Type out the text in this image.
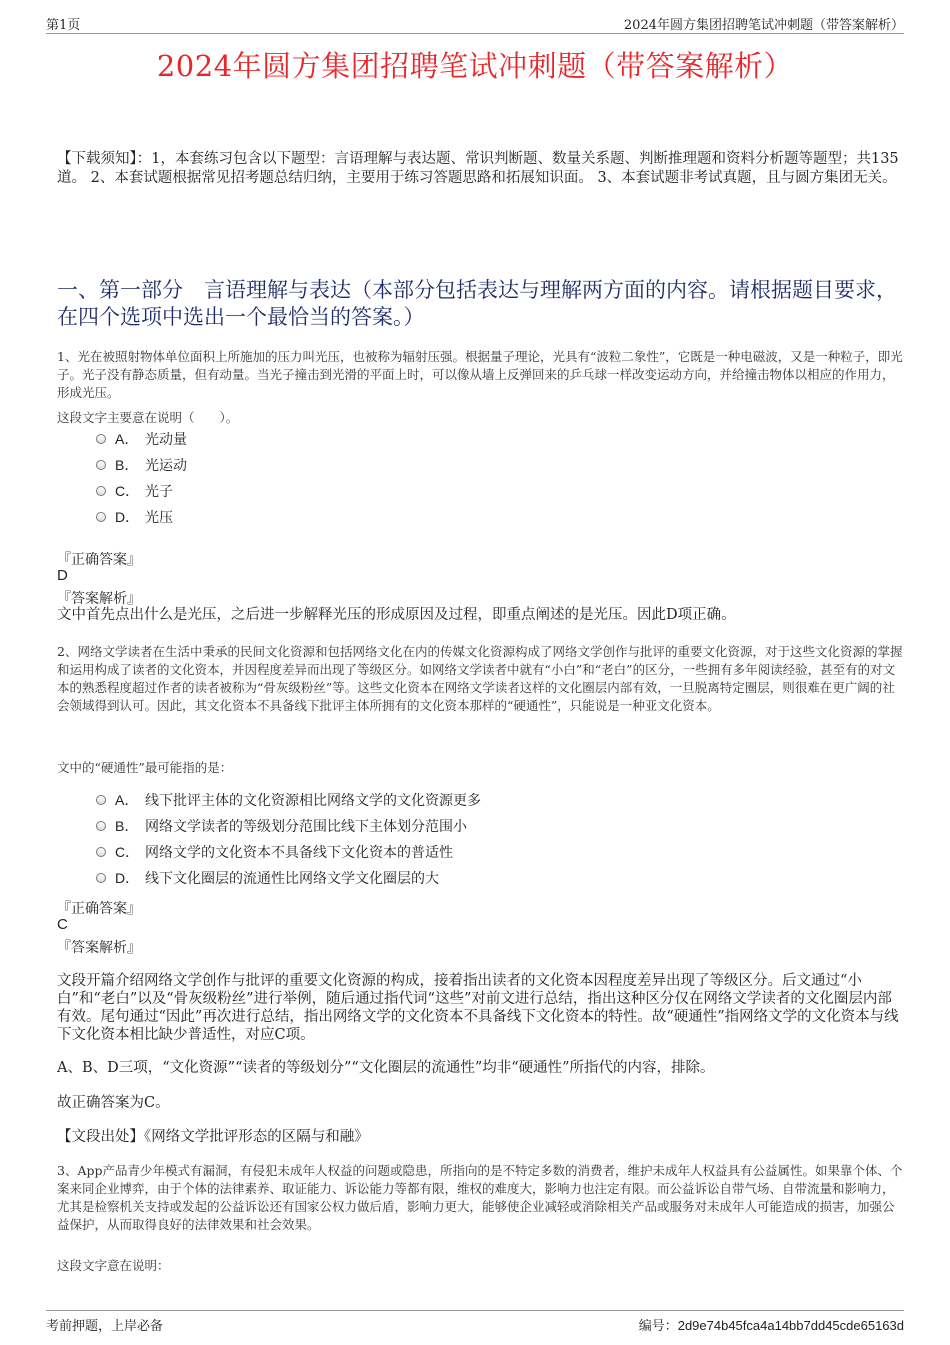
第1页	2024年圆方集团招聘笔试冲刺题（带答案解析）
2024年圆方集团招聘笔试冲刺题（带答案解析）
【下载须知】：1，本套练习包含以下题型：言语理解与表达题、常识判断题、数量关系题、判断推理题和资料分析题等题型；共135道。 2、本套试题根据常见招考题总结归纳，主要用于练习答题思路和拓展知识面。 3、本套试题非考试真题，且与圆方集团无关。
一、第一部分　言语理解与表达（本部分包括表达与理解两方面的内容。请根据题目要求，在四个选项中选出一个最恰当的答案。）
1、光在被照射物体单位面积上所施加的压力叫光压，也被称为辐射压强。根据量子理论，光具有“波粒二象性”，它既是一种电磁波，又是一种粒子，即光子。光子没有静态质量，但有动量。当光子撞击到光滑的平面上时，可以像从墙上反弹回来的乒乓球一样改变运动方向，并给撞击物体以相应的作用力，形成光压。
这段文字主要意在说明（　　）。
A． 光动量
B． 光运动
C． 光子
D． 光压
『正确答案』
D
『答案解析』
文中首先点出什么是光压，之后进一步解释光压的形成原因及过程，即重点阐述的是光压。因此D项正确。
2、网络文学读者在生活中秉承的民间文化资源和包括网络文化在内的传媒文化资源构成了网络文学创作与批评的重要文化资源，对于这些文化资源的掌握和运用构成了读者的文化资本，并因程度差异而出现了等级区分。如网络文学读者中就有“小白”和“老白”的区分，一些拥有多年阅读经验，甚至有的对文本的熟悉程度超过作者的读者被称为“骨灰级粉丝”等。这些文化资本在网络文学读者这样的文化圈层内部有效，一旦脱离特定圈层，则很难在更广阔的社会领域得到认可。因此，其文化资本不具备线下批评主体所拥有的文化资本那样的“硬通性”，只能说是一种亚文化资本。
文中的“硬通性”最可能指的是：
A． 线下批评主体的文化资源相比网络文学的文化资源更多
B． 网络文学读者的等级划分范围比线下主体划分范围小
C． 网络文学的文化资本不具备线下文化资本的普适性
D． 线下文化圈层的流通性比网络文学文化圈层的大
『正确答案』
C
『答案解析』
文段开篇介绍网络文学创作与批评的重要文化资源的构成，接着指出读者的文化资本因程度差异出现了等级区分。后文通过“小白”和“老白”以及“骨灰级粉丝”进行举例，随后通过指代词“这些”对前文进行总结，指出这种区分仅在网络文学读者的文化圈层内部有效。尾句通过“因此”再次进行总结，指出网络文学的文化资本不具备线下文化资本的特性。故“硬通性”指网络文学的文化资本与线下文化资本相比缺少普适性，对应C项。
A、B、D三项，“文化资源”“读者的等级划分”“文化圈层的流通性”均非“硬通性”所指代的内容，排除。
故正确答案为C。
【文段出处】《网络文学批评形态的区隔与和融》
3、App产品青少年模式有漏洞，有侵犯未成年人权益的问题或隐患，所指向的是不特定多数的消费者，维护未成年人权益具有公益属性。如果靠个体、个案来同企业博弈，由于个体的法律素养、取证能力、诉讼能力等都有限，维权的难度大，影响力也注定有限。而公益诉讼自带气场、自带流量和影响力，尤其是检察机关支持或发起的公益诉讼还有国家公权力做后盾，影响力更大，能够使企业减轻或消除相关产品或服务对未成年人可能造成的损害，加强公益保护，从而取得良好的法律效果和社会效果。
这段文字意在说明：
考前押题，上岸必备	编号：2d9e74b45fca4a14bb7dd45cde65163d
